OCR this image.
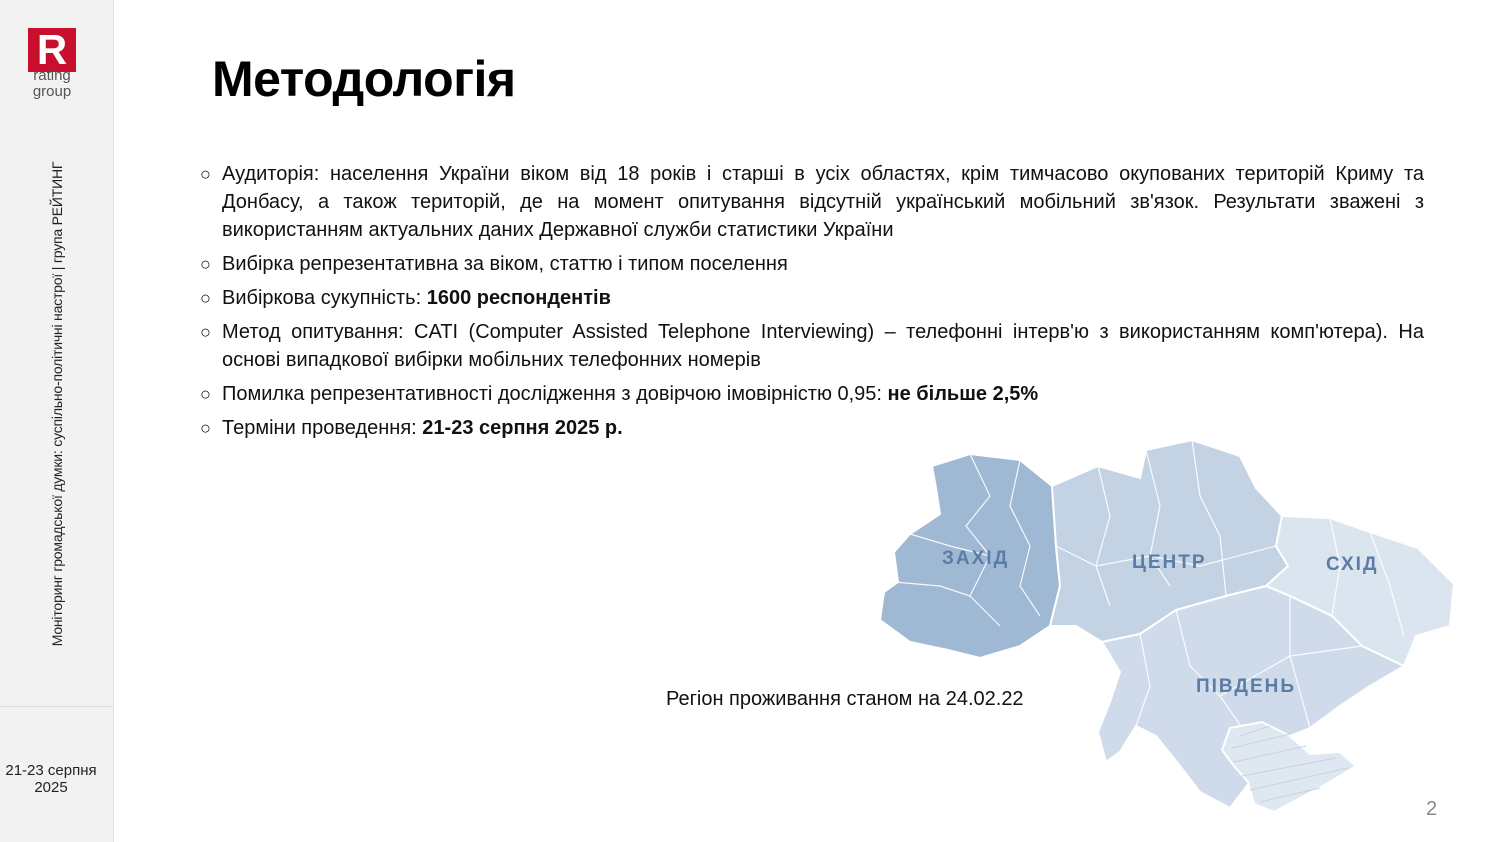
R
rating
group
Моніторинг громадської думки: суспільно-політичні настрої | група РЕЙТИНГ
21-23 серпня
2025
Методологія
○ Аудиторія: населення України віком від 18 років і старші в усіх областях, крім тимчасово окупованих територій Криму та Донбасу, а також територій, де на момент опитування відсутній український мобільний зв'язок. Результати зважені з використанням актуальних даних Державної служби статистики України
○ Вибірка репрезентативна за віком, статтю і типом поселення
○ Вибіркова сукупність: 1600 респондентів
○ Метод опитування: CATI (Computer Assisted Telephone Interviewing) – телефонні інтерв'ю з використанням комп'ютера). На основі випадкової вибірки мобільних телефонних номерів
○ Помилка репрезентативності дослідження з довірчою імовірністю 0,95: не більше 2,5%
○ Терміни проведення: 21-23 серпня 2025 р.
ЗАХІД	ЦЕНТР	СХІД
ПІВДЕНЬ
Регіон проживання станом на 24.02.22
2
